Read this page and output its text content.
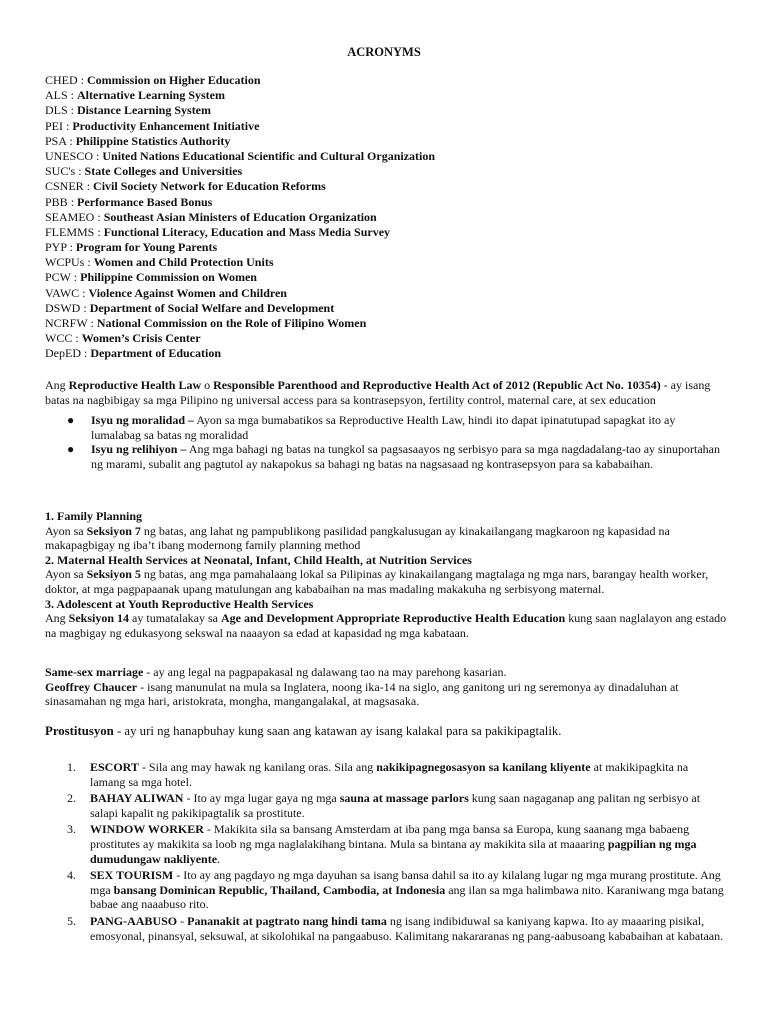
ACRONYMS
CHED : Commission on Higher Education
ALS : Alternative Learning System
DLS : Distance Learning System
PEI : Productivity Enhancement Initiative
PSA : Philippine Statistics Authority
UNESCO : United Nations Educational Scientific and Cultural Organization
SUC's : State Colleges and Universities
CSNER : Civil Society Network for Education Reforms
PBB : Performance Based Bonus
SEAMEO : Southeast Asian Ministers of Education Organization
FLEMMS : Functional Literacy, Education and Mass Media Survey
PYP : Program for Young Parents
WCPUs : Women and Child Protection Units
PCW : Philippine Commission on Women
VAWC : Violence Against Women and Children
DSWD : Department of Social Welfare and Development
NCRFW : National Commission on the Role of Filipino Women
WCC : Women’s Crisis Center
DepED : Department of Education
Ang Reproductive Health Law o Responsible Parenthood and Reproductive Health Act of 2012 (Republic Act No. 10354) - ay isang batas na nagbibigay sa mga Pilipino ng universal access para sa kontrasepsyon, fertility control, maternal care, at sex education
● Isyu ng moralidad – Ayon sa mga bumabatikos sa Reproductive Health Law, hindi ito dapat ipinatutupad sapagkat ito ay lumalabag sa batas ng moralidad
● Isyu ng relihiyon – Ang mga bahagi ng batas na tungkol sa pagsasaayos ng serbisyo para sa mga nagdadalang-tao ay sinuportahan ng marami, subalit ang pagtutol ay nakapokus sa bahagi ng batas na nagsasaad ng kontrasepsyon para sa kababaihan.

1. Family Planning

Ayon sa Seksiyon 7 ng batas, ang lahat ng pampublikong pasilidad pangkalusugan ay kinakailangang magkaroon ng kapasidad na makapagbigay ng iba’t ibang modernong family planning method

2. Maternal Health Services at Neonatal, Infant, Child Health, at Nutrition Services

Ayon sa Seksiyon 5 ng batas, ang mga pamahalaang lokal sa Pilipinas ay kinakailangang magtalaga ng mga nars, barangay health worker, doktor, at mga pagpapaanak upang matulungan ang kababaihan na mas madaling makakuha ng serbisyong maternal.

3. Adolescent at Youth Reproductive Health Services

Ang Seksiyon 14 ay tumatalakay sa Age and Development Appropriate Reproductive Health Education kung saan naglalayon ang estado na magbigay ng edukasyong sekswal na naaayon sa edad at kapasidad ng mga kabataan.

Same-sex marriage - ay ang legal na pagpapakasal ng dalawang tao na may parehong kasarian.

Geoffrey Chaucer - isang manunulat na mula sa Inglatera, noong ika-14 na siglo, ang ganitong uri ng seremonya ay dinadaluhan at sinasamahan ng mga hari, aristokrata, mongha, mangangalakal, at magsasaka.

Prostitusyon - ay uri ng hanapbuhay kung saan ang katawan ay isang kalakal para sa pakikipagtalik.
1. ESCORT - Sila ang may hawak ng kanilang oras. Sila ang nakikipagnegosasyon sa kanilang kliyente at makikipagkita na lamang sa mga hotel.
2. BAHAY ALIWAN - Ito ay mga lugar gaya ng mga sauna at massage parlors kung saan nagaganap ang palitan ng serbisyo at salapi kapalit ng pakikipagtalik sa prostitute.
3. WINDOW WORKER - Makikita sila sa bansang Amsterdam at iba pang mga bansa sa Europa, kung saanang mga babaeng prostitutes ay makikita sa loob ng mga naglalakihang bintana. Mula sa bintana ay makikita sila at maaaring pagpilian ng mga dumudungaw nakliyente.
4. SEX TOURISM - Ito ay ang pagdayo ng mga dayuhan sa isang bansa dahil sa ito ay kilalang lugar ng mga murang prostitute. Ang mga bansang Dominican Republic, Thailand, Cambodia, at Indonesia ang ilan sa mga halimbawa nito. Karaniwang mga batang babae ang naaabuso rito.
5. PANG-AABUSO - Pananakit at pagtrato nang hindi tama ng isang indibiduwal sa kaniyang kapwa. Ito ay maaaring pisikal, emosyonal, pinansyal, seksuwal, at sikolohikal na pangaabuso. Kalimitang nakararanas ng pang-aabusoang kababaihan at kabataan.
